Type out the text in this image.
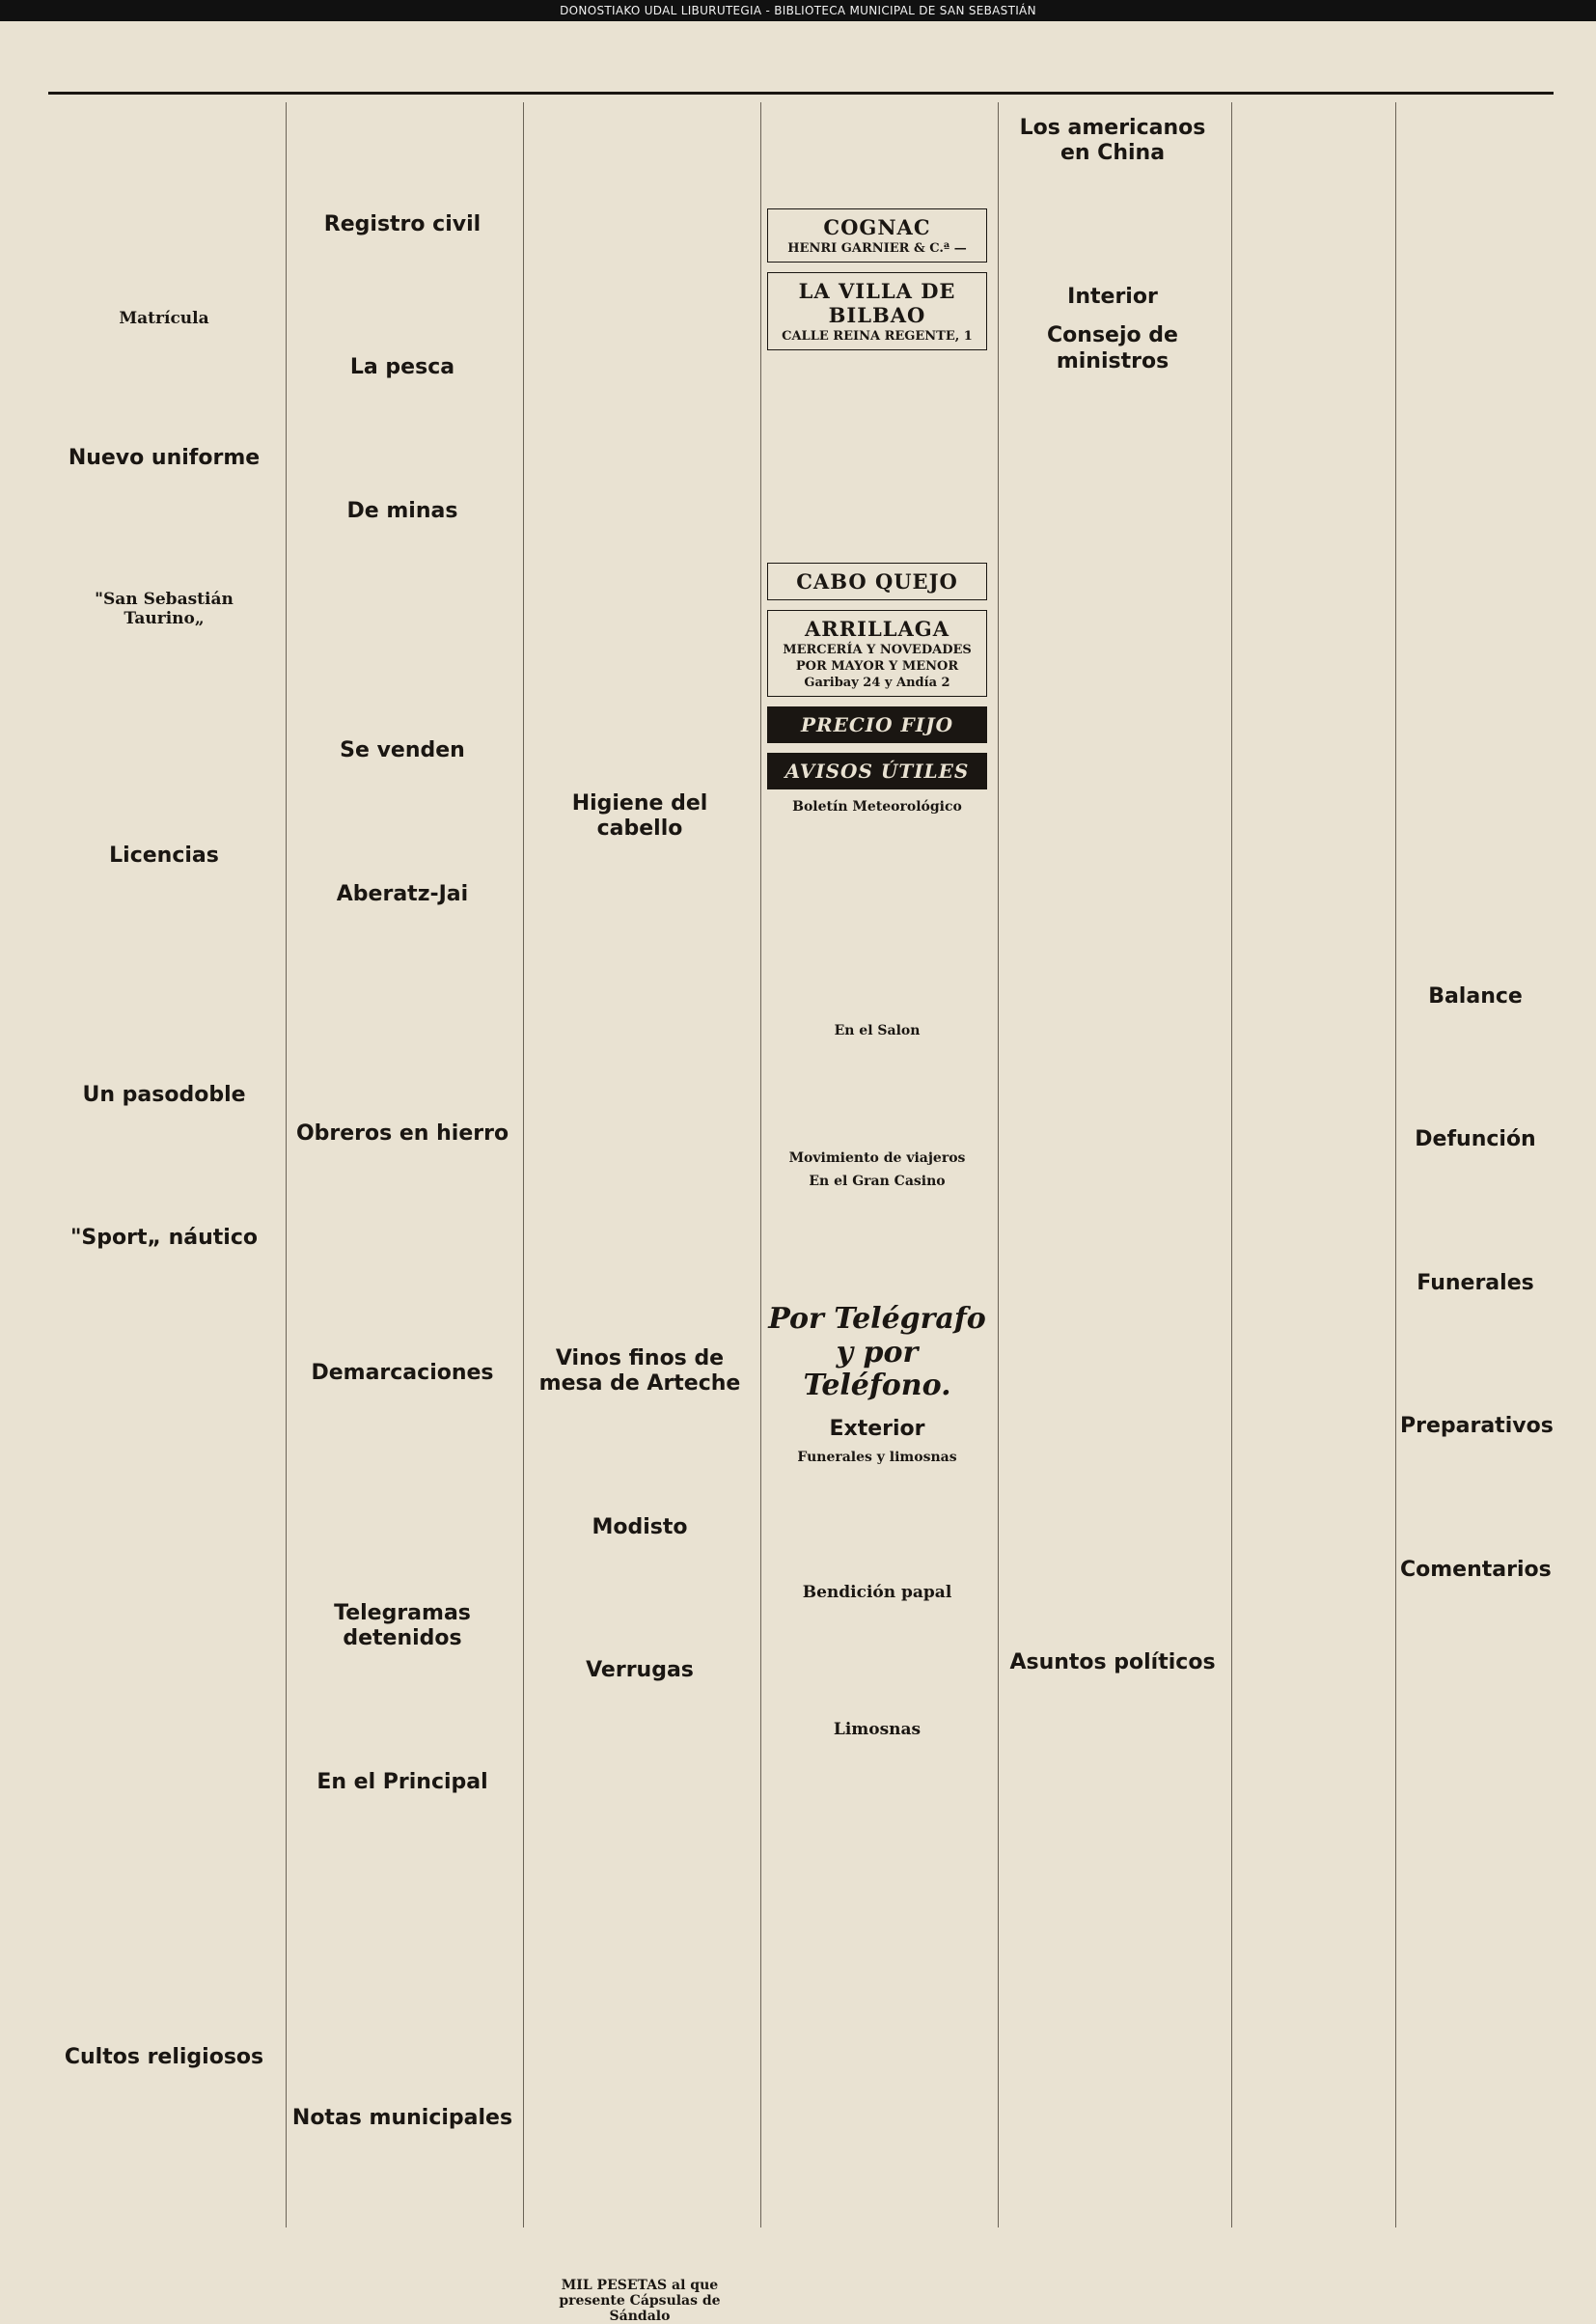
DONOSTIAKO UDAL LIBURUTEGIA - BIBLIOTECA MUNICIPAL DE SAN SEBASTIÁN
Matrícula
Nuevo uniforme
"San Sebastián Taurino„
Licencias
Un pasodoble
"Sport„ náutico
Cultos religiosos
Registro civil
La pesca
De minas
Se venden
Aberatz-Jai
Obreros en hierro
Demarcaciones
Telegramas detenidos
En el Principal
Notas municipales
Higiene del cabello
Vinos finos de mesa de Arteche
Modisto
Verrugas
MIL PESETAS al que presente Cápsulas de Sándalo
COGNAC
HENRI GARNIER & C.ª —
LA VILLA DE BILBAO
CALLE REINA REGENTE, 1
CABO QUEJO
ARRILLAGA
MERCERÍA Y NOVEDADES
POR MAYOR Y MENOR
Garibay 24 y Andía 2
PRECIO FIJO
AVISOS ÚTILES
Boletín Meteorológico
En el Salon
Movimiento de viajeros
En el Gran Casino
Por Telégrafo y por Teléfono.
Exterior
Funerales y limosnas
Bendición papal
Limosnas
Los americanos en China
Interior
Consejo de ministros
Asuntos políticos
Balance
Defunción
Funerales
Preparativos
Comentarios
